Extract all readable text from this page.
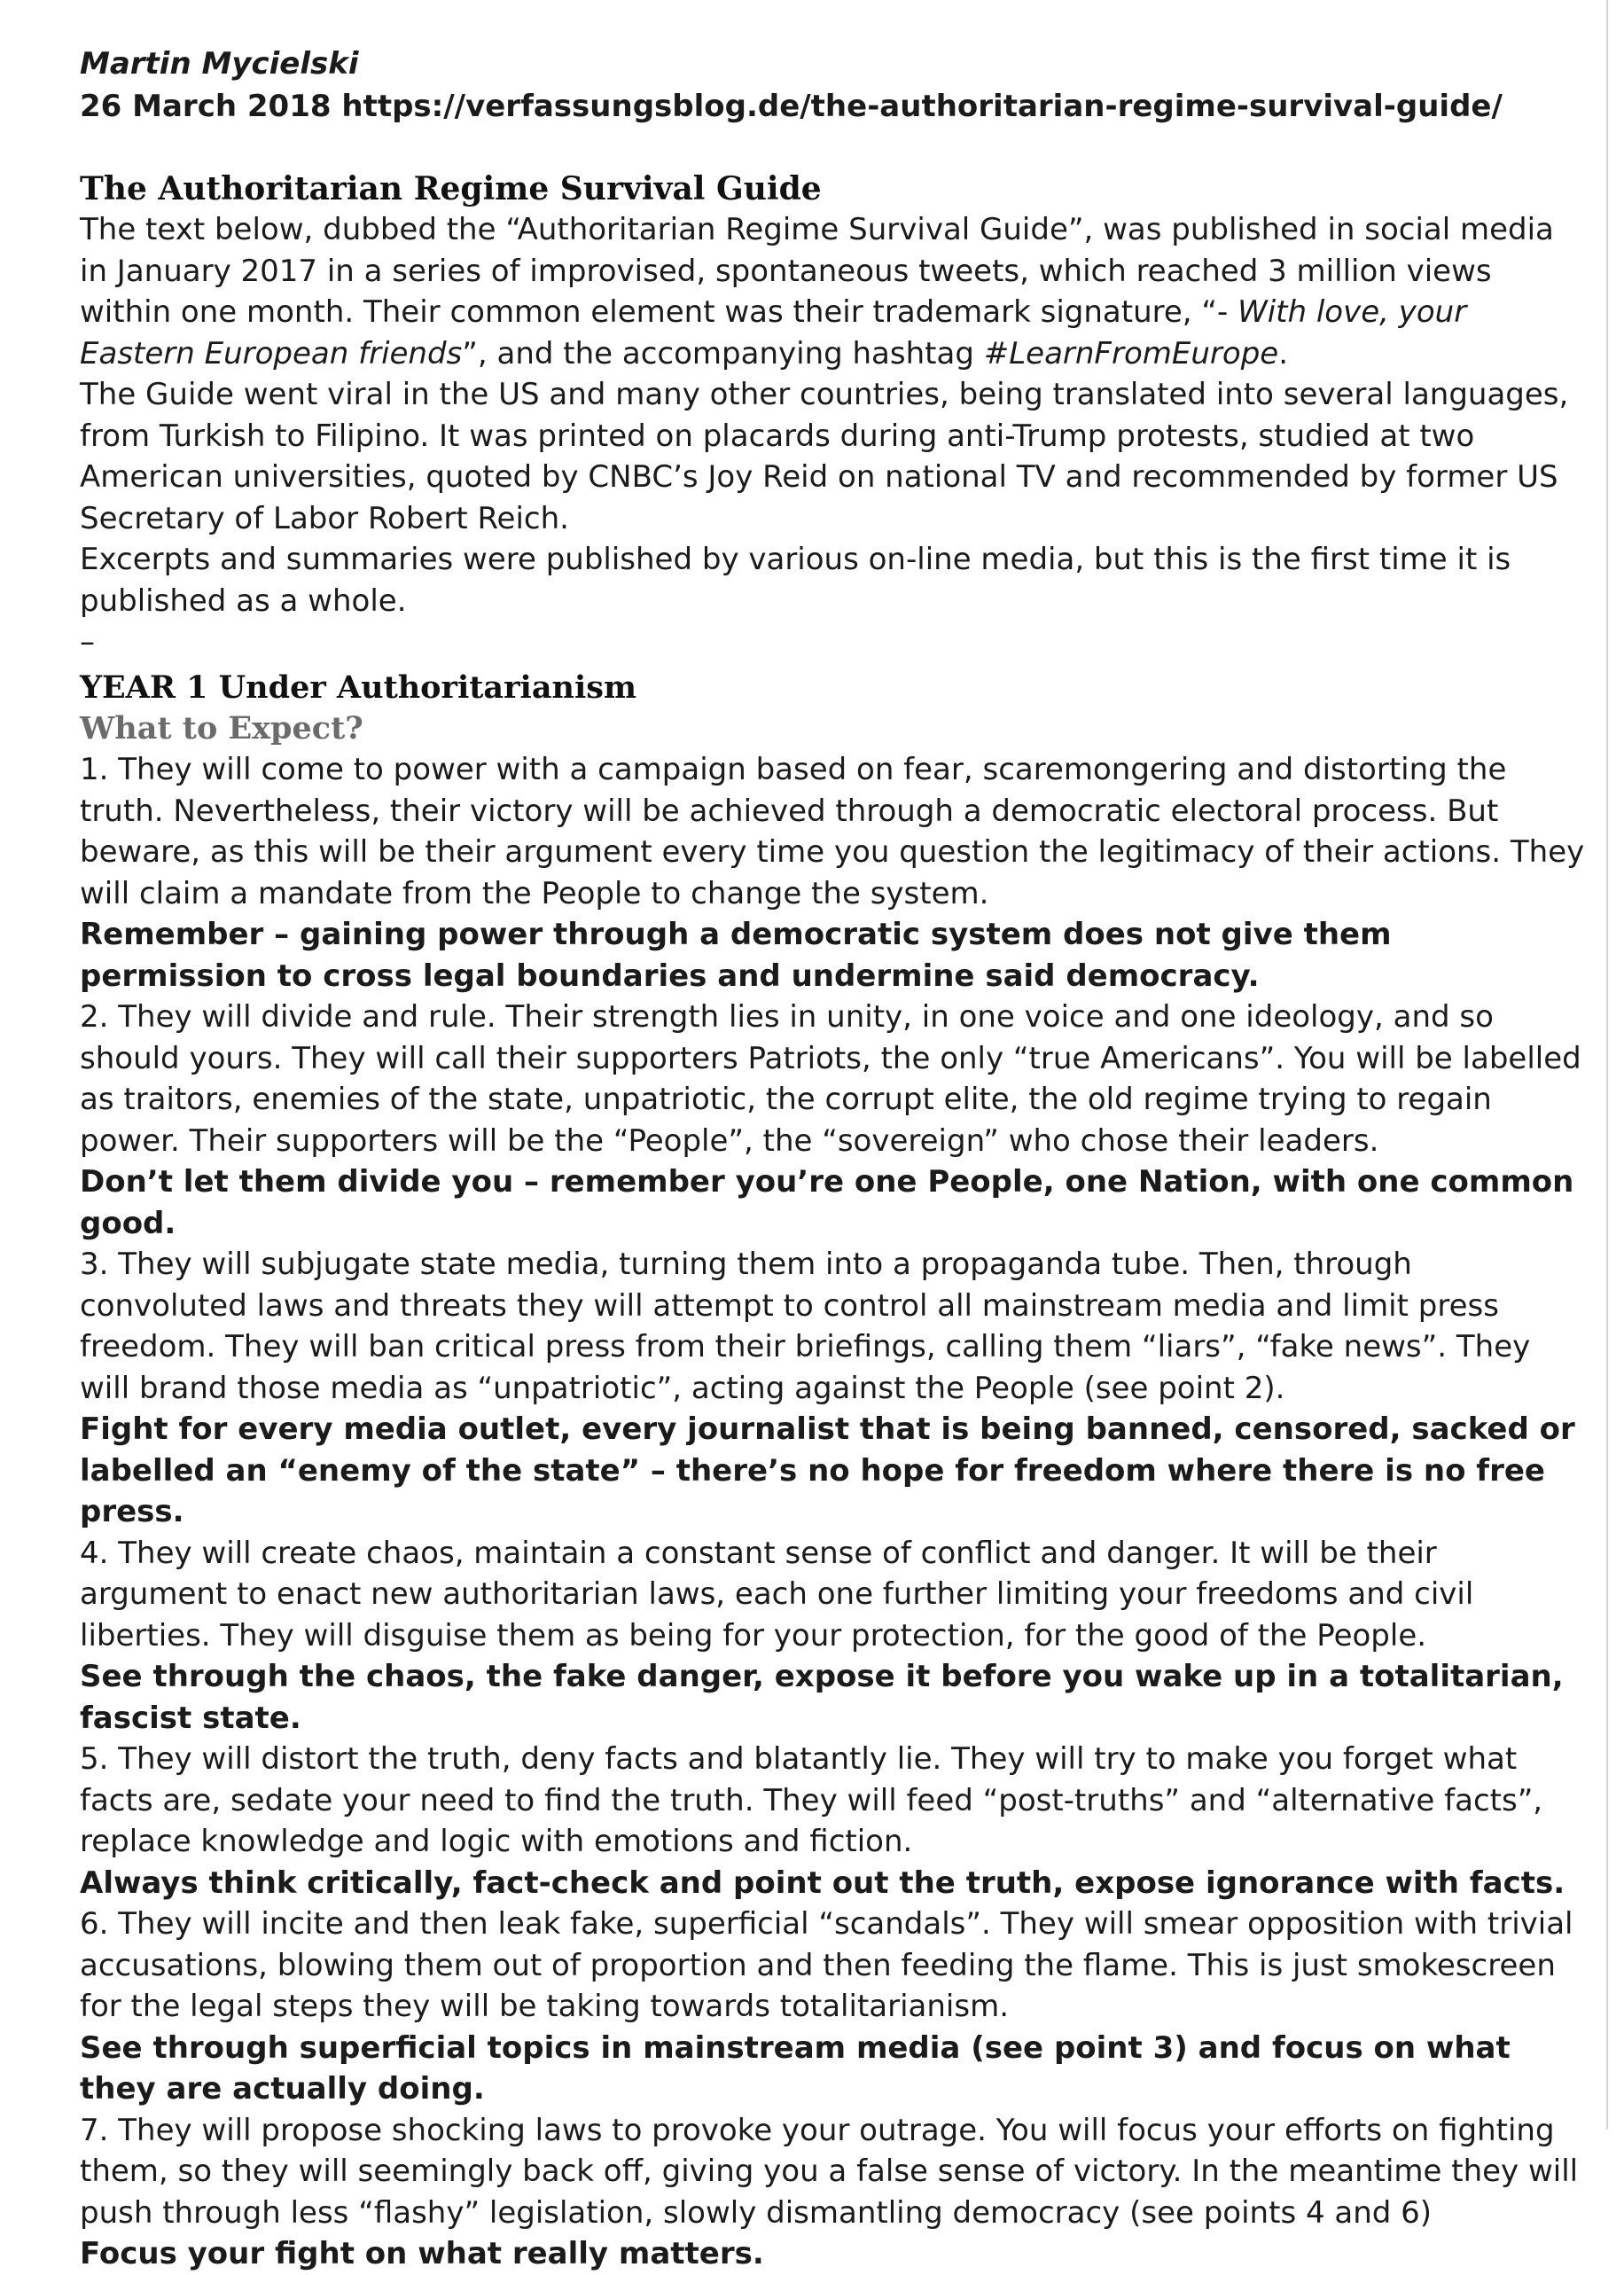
Martin Mycielski

26 March 2018 https://verfassungsblog.de/the-authoritarian-regime-survival-guide/

The Authoritarian Regime Survival Guide

The text below, dubbed the “Authoritarian Regime Survival Guide”, was published in social media in January 2017 in a series of improvised, spontaneous tweets, which reached 3 million views within one month. Their common element was their trademark signature, “- With love, your Eastern European friends”, and the accompanying hashtag #LearnFromEurope.

The Guide went viral in the US and many other countries, being translated into several languages, from Turkish to Filipino. It was printed on placards during anti-Trump protests, studied at two American universities, quoted by CNBC’s Joy Reid on national TV and recommended by former US Secretary of Labor Robert Reich.

Excerpts and summaries were published by various on-line media, but this is the first time it is published as a whole.

–

YEAR 1 Under Authoritarianism
What to Expect?

1. They will come to power with a campaign based on fear, scaremongering and distorting the truth. Nevertheless, their victory will be achieved through a democratic electoral process. But beware, as this will be their argument every time you question the legitimacy of their actions. They will claim a mandate from the People to change the system.

Remember – gaining power through a democratic system does not give them permission to cross legal boundaries and undermine said democracy.

2. They will divide and rule. Their strength lies in unity, in one voice and one ideology, and so should yours. They will call their supporters Patriots, the only “true Americans”. You will be labelled as traitors, enemies of the state, unpatriotic, the corrupt elite, the old regime trying to regain power. Their supporters will be the “People”, the “sovereign” who chose their leaders.

Don’t let them divide you – remember you’re one People, one Nation, with one common good.

3. They will subjugate state media, turning them into a propaganda tube. Then, through convoluted laws and threats they will attempt to control all mainstream media and limit press freedom. They will ban critical press from their briefings, calling them “liars”, “fake news”. They will brand those media as “unpatriotic”, acting against the People (see point 2).

Fight for every media outlet, every journalist that is being banned, censored, sacked or labelled an “enemy of the state” – there’s no hope for freedom where there is no free press.

4. They will create chaos, maintain a constant sense of conflict and danger. It will be their argument to enact new authoritarian laws, each one further limiting your freedoms and civil liberties. They will disguise them as being for your protection, for the good of the People.

See through the chaos, the fake danger, expose it before you wake up in a totalitarian, fascist state.

5. They will distort the truth, deny facts and blatantly lie. They will try to make you forget what facts are, sedate your need to find the truth. They will feed “post-truths” and “alternative facts”, replace knowledge and logic with emotions and fiction.

Always think critically, fact-check and point out the truth, expose ignorance with facts.

6. They will incite and then leak fake, superficial “scandals”. They will smear opposition with trivial accusations, blowing them out of proportion and then feeding the flame. This is just smokescreen for the legal steps they will be taking towards totalitarianism.

See through superficial topics in mainstream media (see point 3) and focus on what they are actually doing.

7. They will propose shocking laws to provoke your outrage. You will focus your efforts on fighting them, so they will seemingly back off, giving you a false sense of victory. In the meantime they will push through less “flashy” legislation, slowly dismantling democracy (see points 4 and 6)

Focus your fight on what really matters.
